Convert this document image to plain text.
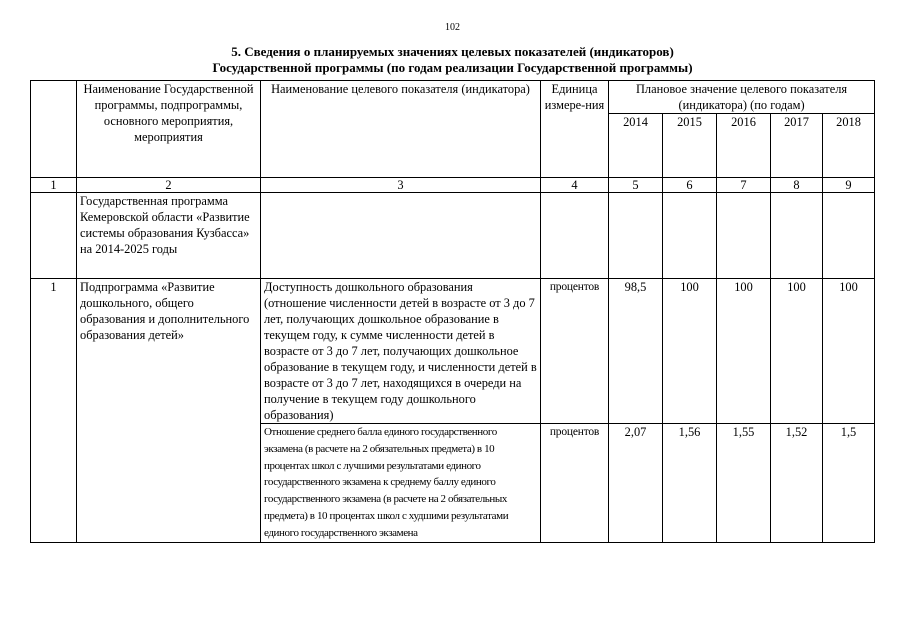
102
5. Сведения о планируемых значениях целевых показателей (индикаторов)
Государственной программы (по годам реализации Государственной программы)
	Наименование Государственной программы, подпрограммы, основного мероприятия, мероприятия	Наименование целевого показателя (индикатора)	Единица измере-ния	Плановое значение целевого показателя (индикатора) (по годам)				
				2014	2015	2016	2017	2018
1	2	3	4	5	6	7	8	9
	Государственная программа Кемеровской области «Развитие системы образования Кузбасса» на 2014-2025 годы							
1	Подпрограмма «Развитие дошкольного, общего образования и дополнительного образования детей»	Доступность дошкольного образования (отношение численности детей в возрасте от 3 до 7 лет, получающих дошкольное образование в текущем году, к сумме численности детей в возрасте от 3 до 7 лет, получающих дошкольное образование в текущем году, и численности детей в возрасте от 3 до 7 лет, находящихся в очереди на получение в текущем году дошкольного образования)	процентов	98,5	100	100	100	100
		Отношение среднего балла единого государственного экзамена (в расчете на 2 обязательных предмета) в 10 процентах школ с лучшими результатами единого государственного экзамена к среднему баллу единого государственного экзамена (в расчете на 2 обязательных предмета) в 10 процентах школ с худшими результатами единого государственного экзамена	процентов	2,07	1,56	1,55	1,52	1,5
